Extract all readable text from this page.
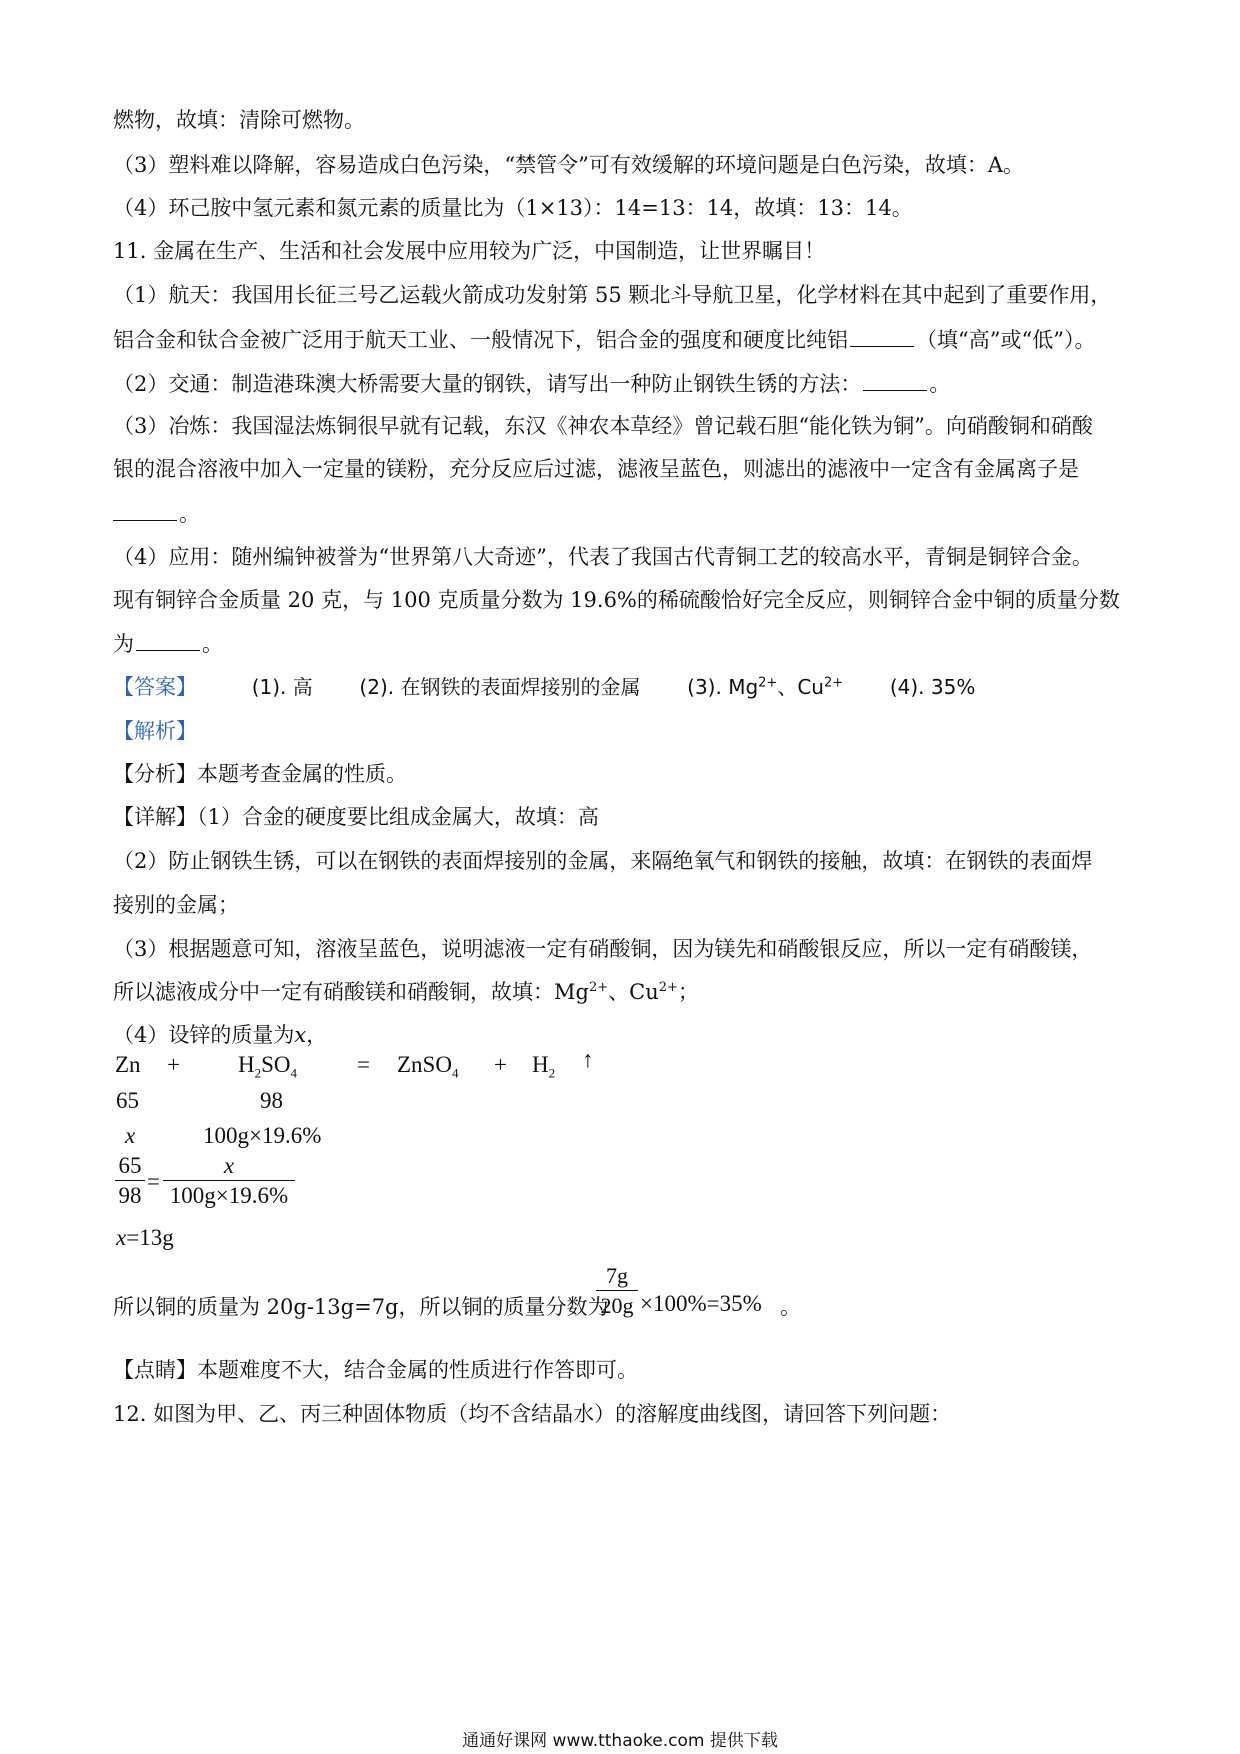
燃物，故填：清除可燃物。
（3）塑料难以降解，容易造成白色污染，“禁管令”可有效缓解的环境问题是白色污染，故填：A。
（4）环己胺中氢元素和氮元素的质量比为（1×13）：14=13：14，故填：13：14。
11. 金属在生产、生活和社会发展中应用较为广泛，中国制造，让世界瞩目！
（1）航天：我国用长征三号乙运载火箭成功发射第 55 颗北斗导航卫星，化学材料在其中起到了重要作用，
铝合金和钛合金被广泛用于航天工业、一般情况下，铝合金的强度和硬度比纯铝	（填“高”或“低”）。
（2）交通：制造港珠澳大桥需要大量的钢铁，请写出一种防止钢铁生锈的方法：	。
（3）冶炼：我国湿法炼铜很早就有记载，东汉《神农本草经》曾记载石胆“能化铁为铜”。向硝酸铜和硝酸
银的混合溶液中加入一定量的镁粉，充分反应后过滤，滤液呈蓝色，则滤出的滤液中一定含有金属离子是
。
（4）应用：随州编钟被誉为“世界第八大奇迹”，代表了我国古代青铜工艺的较高水平，青铜是铜锌合金。
现有铜锌合金质量 20 克，与 100 克质量分数为 19.6%的稀硫酸恰好完全反应，则铜锌合金中铜的质量分数
为	。
【答案】	(1). 高 (2). 在钢铁的表面焊接别的金属 (3). $Mg^{2+}$、$Cu^{2+}$ (4). 35%
【解析】
【分析】本题考查金属的性质。
【详解】（1）合金的硬度要比组成金属大，故填：高
（2）防止钢铁生锈，可以在钢铁的表面焊接别的金属，来隔绝氧气和钢铁的接触，故填：在钢铁的表面焊
接别的金属；
（3）根据题意可知，溶液呈蓝色，说明滤液一定有硝酸铜，因为镁先和硝酸银反应，所以一定有硝酸镁，
所以滤液成分中一定有硝酸镁和硝酸铜，故填：$Mg^{2+}$、$Cu^{2+}$；
（4）设锌的质量为x，
Zn +	$H_2SO_4$	= ZnSO$_4$ + $H_2$
↑
65	98
x	100g×19.6%
$\frac{65}{98} = \frac{x}{100g\times 19.6\%}$
x=13g
所以铜的质量为 20g-13g=7g，所以铜的质量分数为
$\frac{7g}{20g} \times 100\%=35\%$ 。
【点睛】本题难度不大，结合金属的性质进行作答即可。
12. 如图为甲、乙、丙三种固体物质（均不含结晶水）的溶解度曲线图，请回答下列问题：
通通好课网 www.tthaoke.com 提供下载
